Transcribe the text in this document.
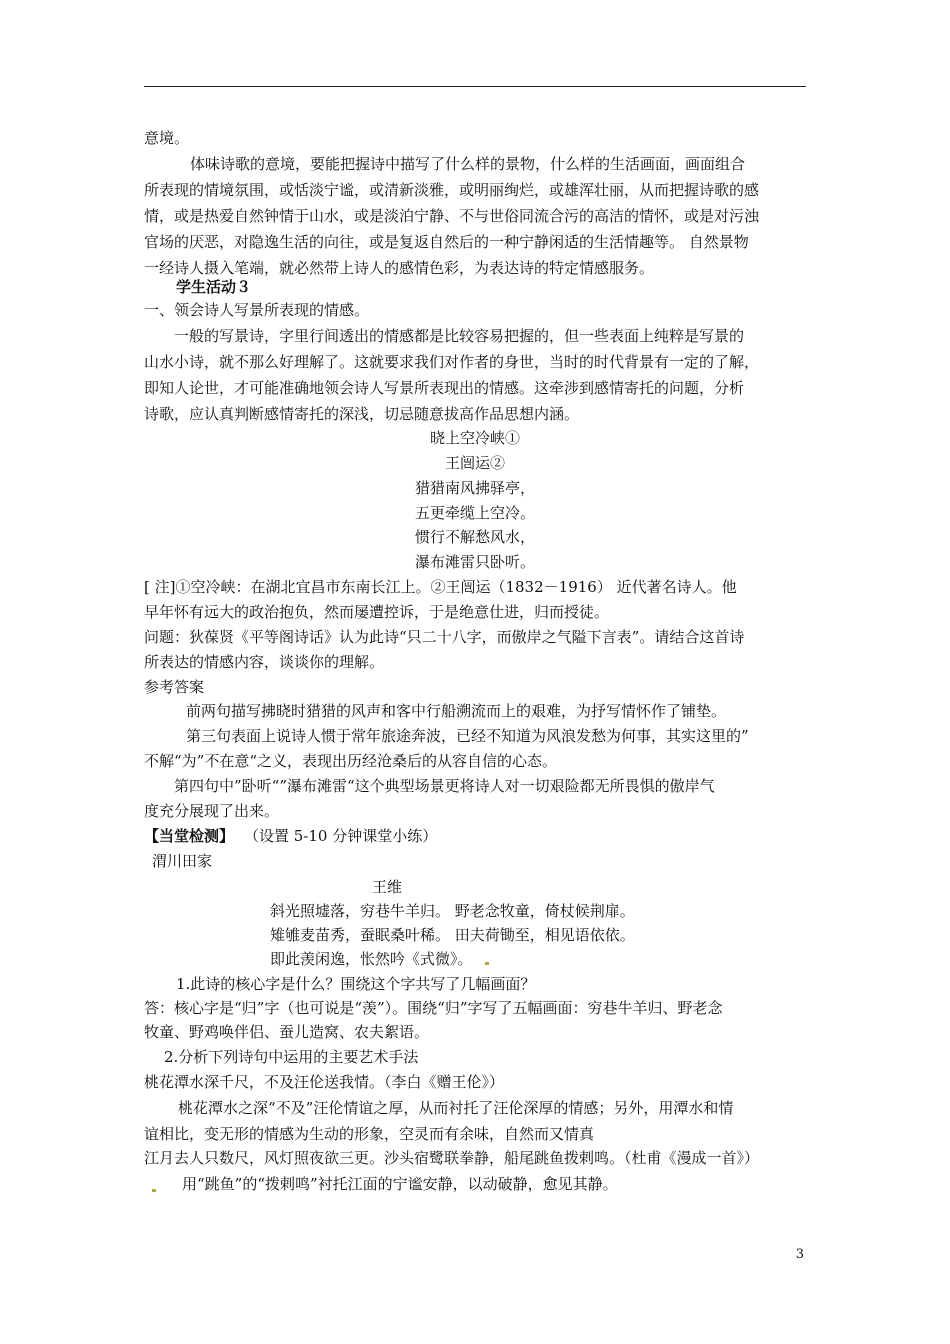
意境。
体味诗歌的意境，要能把握诗中描写了什么样的景物，什么样的生活画面，画面组合
所表现的情境氛围，或恬淡宁谧，或清新淡雅，或明丽绚烂，或雄浑壮丽，从而把握诗歌的感
情，或是热爱自然钟情于山水，或是淡泊宁静、不与世俗同流合污的高洁的情怀，或是对污浊
官场的厌恶，对隐逸生活的向往，或是复返自然后的一种宁静闲适的生活情趣等。 自然景物
一经诗人摄入笔端，就必然带上诗人的感情色彩，为表达诗的特定情感服务。
学生活动３
一、领会诗人写景所表现的情感。
一般的写景诗，字里行间透出的情感都是比较容易把握的，但一些表面上纯粹是写景的
山水小诗，就不那么好理解了。这就要求我们对作者的身世，当时的时代背景有一定的了解，
即知人论世，才可能准确地领会诗人写景所表现出的情感。这牵涉到感情寄托的问题，分析
诗歌，应认真判断感情寄托的深浅，切忌随意拔高作品思想内涵。
晓上空冷峡①
王闿运②
猎猎南风拂驿亭，
五更牵缆上空冷。
惯行不解愁风水，
瀑布滩雷只卧听。
[ 注]①空冷峡：在湖北宜昌市东南长江上。②王闿运（1832－1916） 近代著名诗人。他
早年怀有远大的政治抱负，然而屡遭控诉，于是绝意仕进，归而授徒。
问题：狄葆贤《平等阁诗话》认为此诗“只二十八字，而傲岸之气隘下言表”。请结合这首诗
所表达的情感内容，谈谈你的理解。
参考答案
前两句描写拂晓时猎猎的风声和客中行船溯流而上的艰难，为抒写情怀作了铺垫。
第三句表面上说诗人惯于常年旅途奔波，已经不知道为风浪发愁为何事，其实这里的”
不解“为”不在意“之义，表现出历经沧桑后的从容自信的心态。
第四句中”卧听“”瀑布滩雷“这个典型场景更将诗人对一切艰险都无所畏惧的傲岸气
度充分展现了出来。
【当堂检测】 （设置 5-10 分钟课堂小练）
渭川田家
王维
斜光照墟落，穷巷牛羊归。 野老念牧童，倚杖候荆扉。
雉雊麦苗秀，蚕眠桑叶稀。 田夫荷锄至，相见语依依。
即此羡闲逸，怅然吟《式微》。
1.此诗的核心字是什么？围绕这个字共写了几幅画面？
答：核心字是“归”字（也可说是“羡”）。围绕“归”字写了五幅画面：穷巷牛羊归、野老念
牧童、野鸡唤伴侣、蚕儿造窝、农夫絮语。
2.分析下列诗句中运用的主要艺术手法
桃花潭水深千尺，不及汪伦送我情。（李白《赠王伦》）
桃花潭水之深“不及”汪伦情谊之厚，从而衬托了汪伦深厚的情感；另外，用潭水和情
谊相比，变无形的情感为生动的形象，空灵而有余味，自然而又情真
江月去人只数尺，风灯照夜欲三更。沙头宿鹭联拳静，船尾跳鱼拨剌鸣。（杜甫《漫成一首》）
用“跳鱼”的“拨剌鸣”衬托江面的宁谧安静，以动破静，愈见其静。
3
